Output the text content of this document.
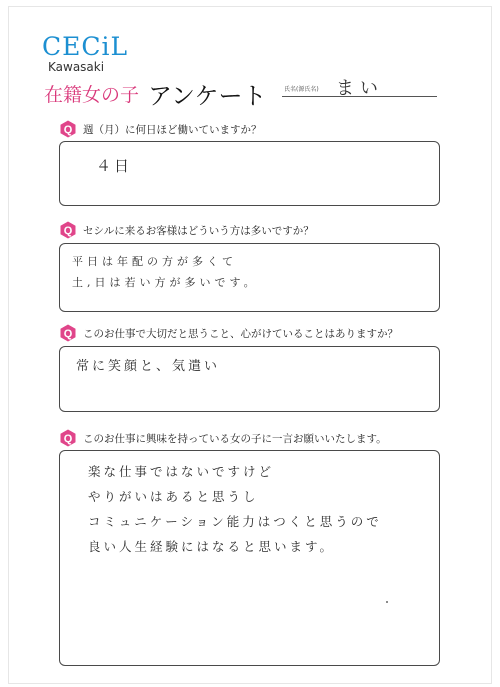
CECiL
Kawasaki
在籍女の子 アンケート	氏名(源氏名) まい
Q 週（月）に何日ほど働いていますか？
４日
Q セシルに来るお客様はどういう方は多いですか？
平日は年配の方が多くて
土,日は若い方が多いです。
Q このお仕事で大切だと思うこと、心がけていることはありますか？
常に笑顔と、気遣い
Q このお仕事に興味を持っている女の子に一言お願いいたします。
楽な仕事ではないですけど
やりがいはあると思うし
コミュニケーション能力はつくと思うので
良い人生経験にはなると思います。
